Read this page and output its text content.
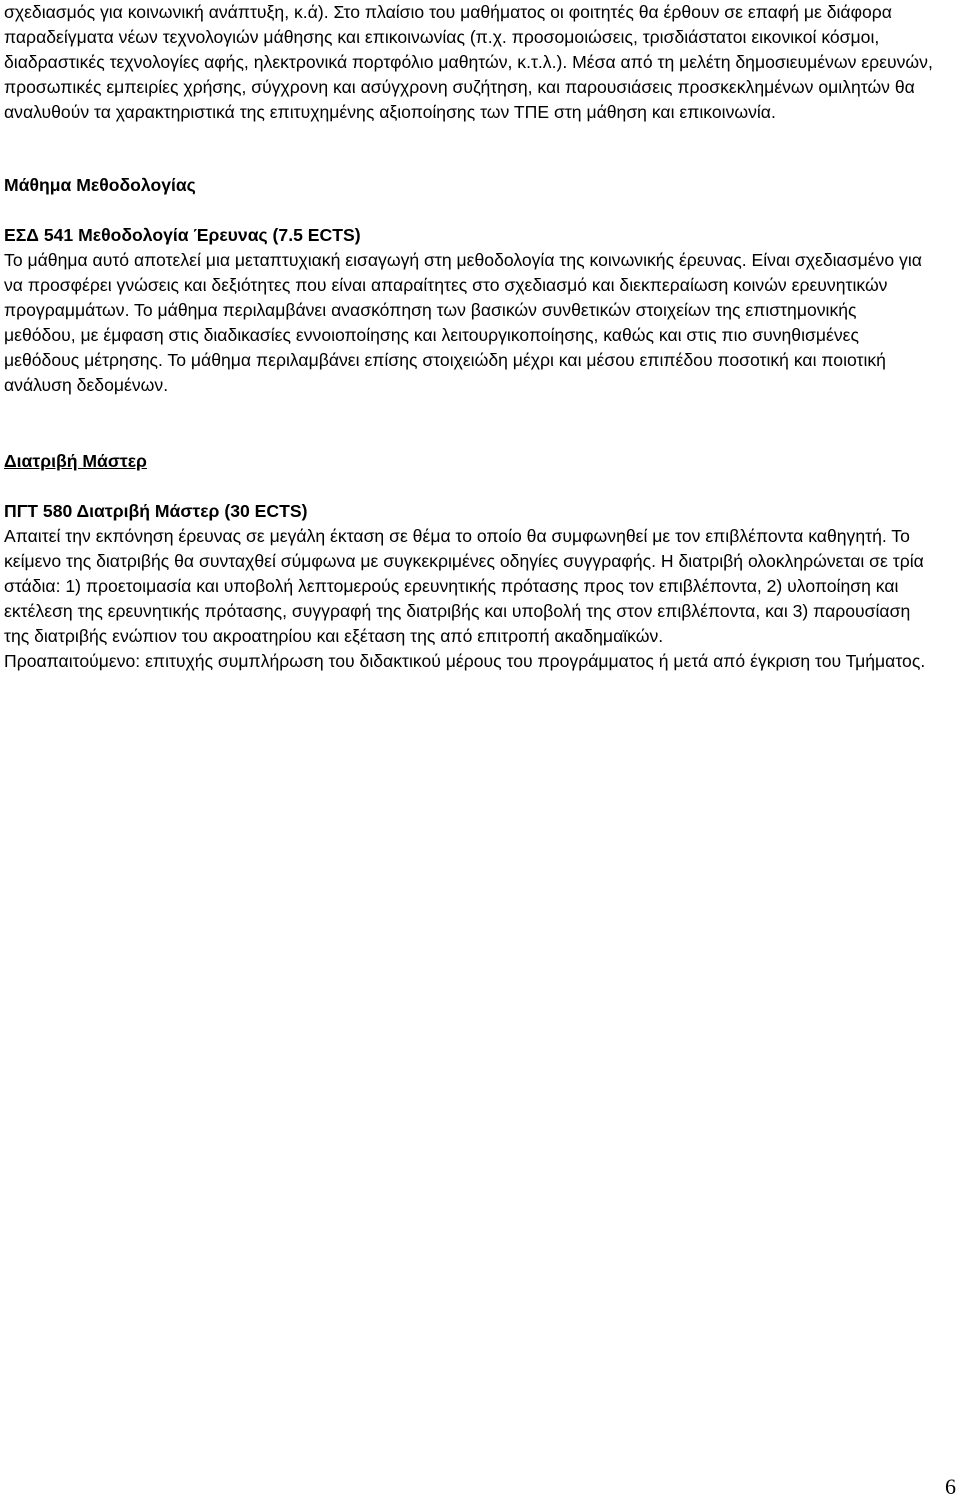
σχεδιασμός για κοινωνική ανάπτυξη, κ.ά). Στο πλαίσιο του μαθήματος οι φοιτητές θα έρθουν σε επαφή με διάφορα
παραδείγματα νέων τεχνολογιών μάθησης και επικοινωνίας (π.χ. προσομοιώσεις, τρισδιάστατοι εικονικοί κόσμοι,
διαδραστικές τεχνολογίες αφής, ηλεκτρονικά πορτφόλιο μαθητών, κ.τ.λ.). Μέσα από τη μελέτη δημοσιευμένων ερευνών,
προσωπικές εμπειρίες χρήσης, σύγχρονη και ασύγχρονη συζήτηση, και παρουσιάσεις προσκεκλημένων ομιλητών θα
αναλυθούν τα χαρακτηριστικά της επιτυχημένης αξιοποίησης των ΤΠΕ στη μάθηση και επικοινωνία.

Μάθημα Μεθοδολογίας

ΕΣΔ 541 Μεθοδολογία Έρευνας (7.5 ECTS)

Το μάθημα αυτό αποτελεί μια μεταπτυχιακή εισαγωγή στη μεθοδολογία της κοινωνικής έρευνας. Είναι σχεδιασμένο για
να προσφέρει γνώσεις και δεξιότητες που είναι απαραίτητες στο σχεδιασμό και διεκπεραίωση κοινών ερευνητικών
προγραμμάτων. Το μάθημα περιλαμβάνει ανασκόπηση των βασικών συνθετικών στοιχείων της επιστημονικής
μεθόδου, με έμφαση στις διαδικασίες εννοιοποίησης και λειτουργικοποίησης, καθώς και στις πιο συνηθισμένες
μεθόδους μέτρησης. Το μάθημα περιλαμβάνει επίσης στοιχειώδη μέχρι και μέσου επιπέδου ποσοτική και ποιοτική
ανάλυση δεδομένων.

Διατριβή Μάστερ

ΠΓΤ 580 Διατριβή Μάστερ (30 ECTS)

Απαιτεί την εκπόνηση έρευνας σε μεγάλη έκταση σε θέμα το οποίο θα συμφωνηθεί με τον επιβλέποντα καθηγητή. Το
κείμενο της διατριβής θα συνταχθεί σύμφωνα με συγκεκριμένες οδηγίες συγγραφής. Η διατριβή ολοκληρώνεται σε τρία
στάδια: 1) προετοιμασία και υποβολή λεπτομερούς ερευνητικής πρότασης προς τον επιβλέποντα, 2) υλοποίηση και
εκτέλεση της ερευνητικής πρότασης, συγγραφή της διατριβής και υποβολή της στον επιβλέποντα, και 3) παρουσίαση
της διατριβής ενώπιον του ακροατηρίου και εξέταση της από επιτροπή ακαδημαϊκών.
Προαπαιτούμενο: επιτυχής συμπλήρωση του διδακτικού μέρους του προγράμματος ή μετά από έγκριση του Τμήματος.

6
